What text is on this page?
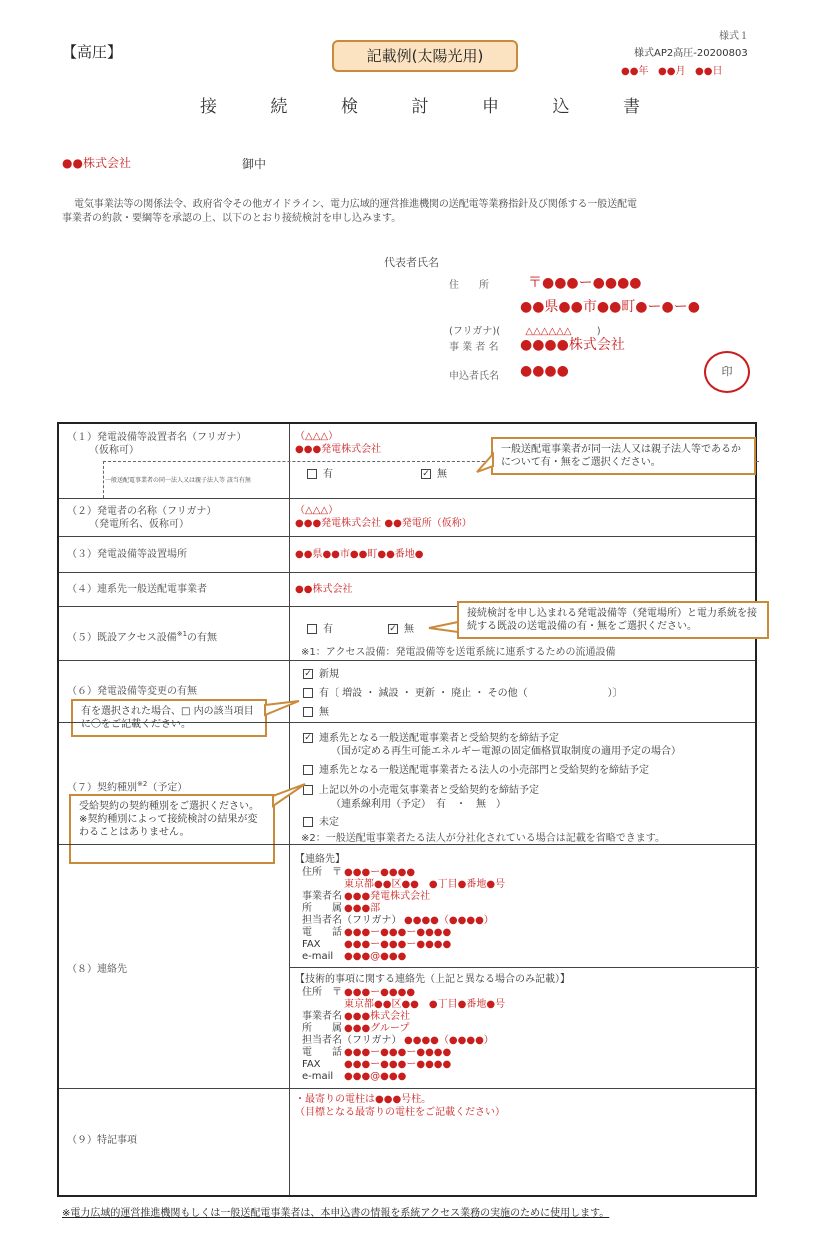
【高圧】	記載例(太陽光用)
様式１
様式AP2高圧-20200803
●●年 ●●月 ●●日
接	続	検	討	申	込	書
●●株式会社	御中
電気事業法等の関係法令、政府省令その他ガイドライン、電力広域的運営推進機関の送配電等業務指針及び関係する一般送配電
事業者の約款・要綱等を承認の上、以下のとおり接続検討を申し込みます。
代表者氏名
住　　所	〒●●●ー●●●●
●●県●●市●●町●ー●ー●
(フリガナ)(	△△△△△△	)
事 業 者 名 ●●●●株式会社
申込者氏名 ●●●●	印
（１）発電設備等設置者名（フリガナ）
（仮称可）
（△△△）
●●●発電株式会社
一般送配電事業者の同一法人又は親子法人等 該当有無
有	✓ 無
一般送配電事業者が同一法人又は親子法人等であるかについて有・無をご選択ください。
（２）発電者の名称（フリガナ）
（発電所名、仮称可）
（△△△）
●●●発電株式会社 ●●発電所（仮称）
（３）発電設備等設置場所	●●県●●市●●町●●番地●
（４）連系先一般送配電事業者	●●株式会社
（５）既設アクセス設備$^{※1}$の有無
有	✓ 無
※1：アクセス設備：発電設備等を送電系統に連系するための流通設備
接続検討を申し込まれる発電設備等（発電場所）と電力系統を接続する既設の送電設備の有・無をご選択ください。
（６）発電設備等変更の有無
✓ 新規
有〔 増設 ・ 減設 ・ 更新 ・ 廃止 ・ その他（　　　　　　　　）〕
無
有を選択された場合、□ 内の該当項目に〇をご記載ください。
（７）契約種別$^{※2}$（予定）
✓ 連系先となる一般送配電事業者と受給契約を締結予定
（国が定める再生可能エネルギー電源の固定価格買取制度の適用予定の場合）
連系先となる一般送配電事業者たる法人の小売部門と受給契約を締結予定
上記以外の小売電気事業者と受給契約を締結予定
（連系線利用（予定）　有　・　無　）
未定
※2：一般送配電事業者たる法人が分社化されている場合は記載を省略できます。
受給契約の契約種別をご選択ください。※契約種別によって接続検討の結果が変わることはありません。
（８）連絡先
【連絡先】
住所　〒 ●●●ー●●●●
東京都●●区●●　●丁目●番地●号
事業者名 ●●●発電株式会社
所　　属 ●●●部
担当者名（フリガナ） ●●●●（●●●●）
電　　話 ●●●ー●●●ー●●●●
FAX ●●●ー●●●ー●●●●
e-mail ●●●@●●●
【技術的事項に関する連絡先（上記と異なる場合のみ記載）】
住所　〒 ●●●ー●●●●
東京都●●区●●　●丁目●番地●号
事業者名 ●●●株式会社
所　　属 ●●●グループ
担当者名（フリガナ） ●●●●（●●●●）
電　　話 ●●●ー●●●ー●●●●
FAX ●●●ー●●●ー●●●●
e-mail ●●●@●●●
（９）特記事項
・最寄りの電柱は●●●号柱。
（目標となる最寄りの電柱をご記載ください）
※電力広域的運営推進機関もしくは一般送配電事業者は、本申込書の情報を系統アクセス業務の実施のために使用します。
